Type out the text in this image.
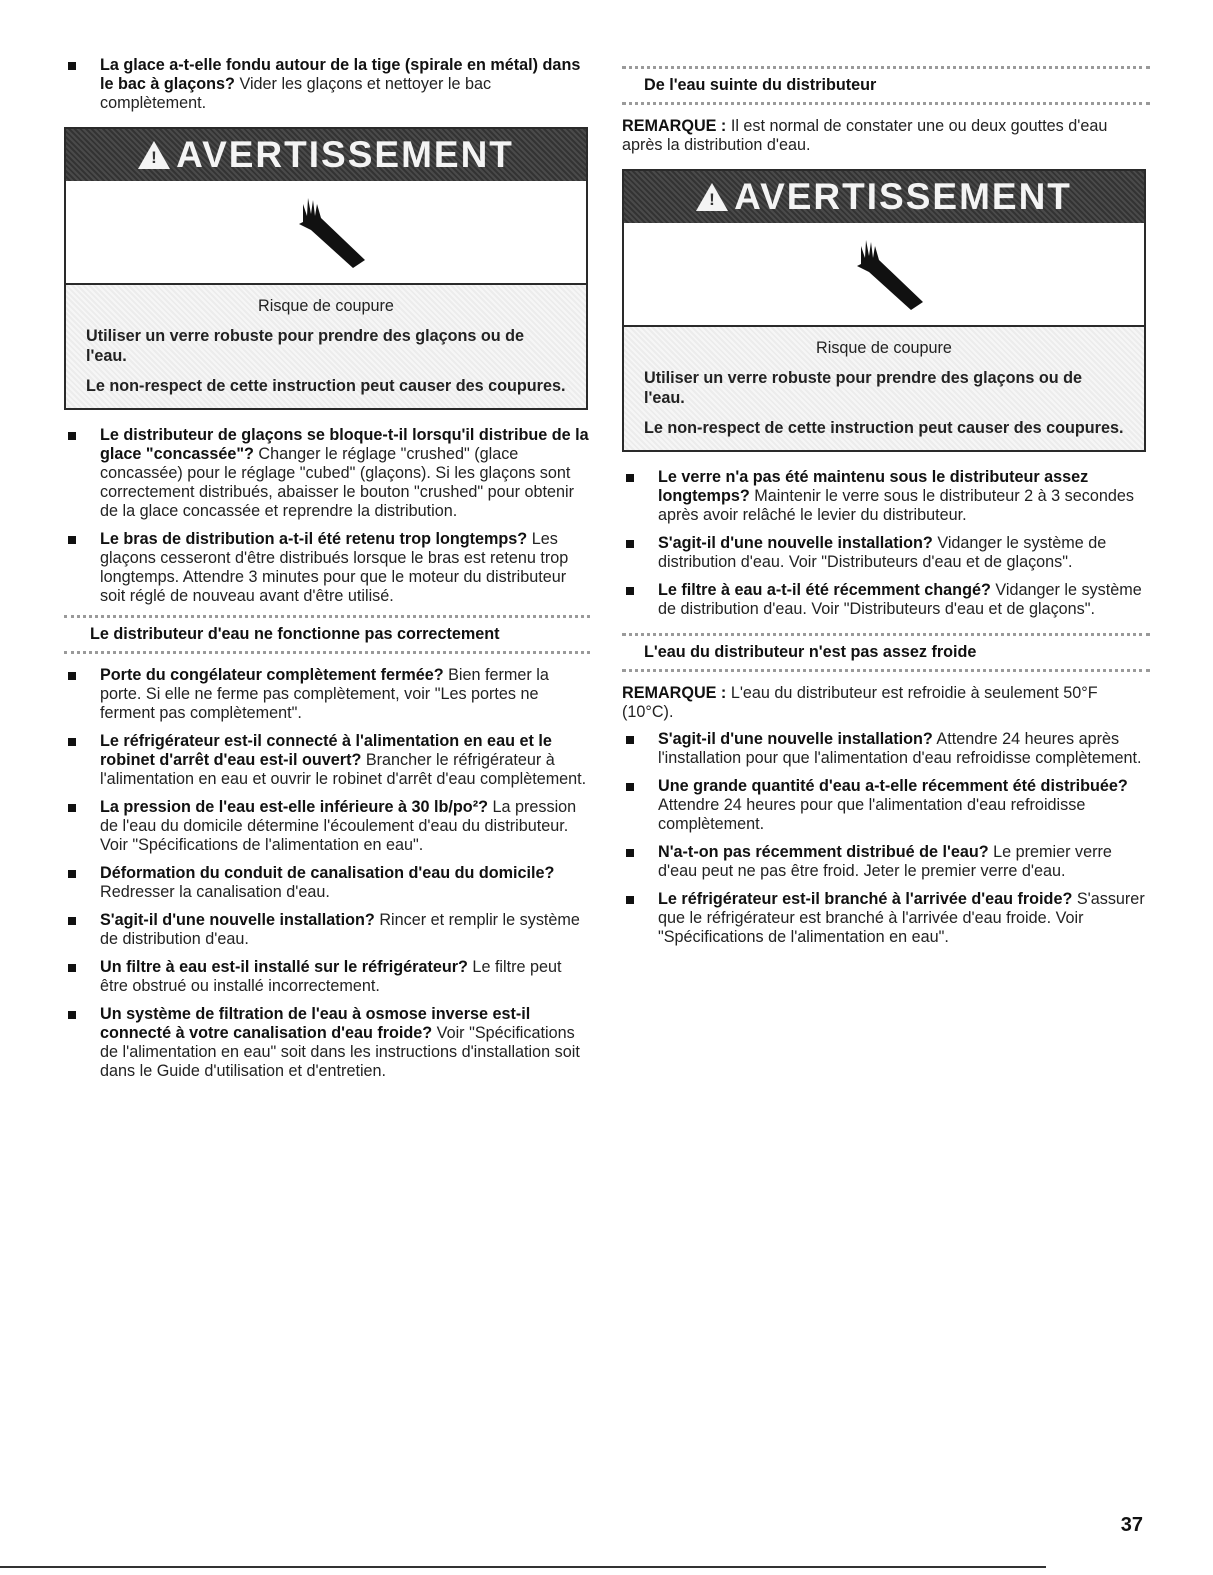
La glace a-t-elle fondu autour de la tige (spirale en métal) dans le bac à glaçons? Vider les glaçons et nettoyer le bac complètement.
! AVERTISSEMENT
Risque de coupure
Utiliser un verre robuste pour prendre des glaçons ou de l'eau.
Le non-respect de cette instruction peut causer des coupures.
Le distributeur de glaçons se bloque-t-il lorsqu'il distribue de la glace "concassée"? Changer le réglage "crushed" (glace concassée) pour le réglage "cubed" (glaçons). Si les glaçons sont correctement distribués, abaisser le bouton "crushed" pour obtenir de la glace concassée et reprendre la distribution.
Le bras de distribution a-t-il été retenu trop longtemps? Les glaçons cesseront d'être distribués lorsque le bras est retenu trop longtemps. Attendre 3 minutes pour que le moteur du distributeur soit réglé de nouveau avant d'être utilisé.
Le distributeur d'eau ne fonctionne pas correctement
Porte du congélateur complètement fermée? Bien fermer la porte. Si elle ne ferme pas complètement, voir "Les portes ne ferment pas complètement".
Le réfrigérateur est-il connecté à l'alimentation en eau et le robinet d'arrêt d'eau est-il ouvert? Brancher le réfrigérateur à l'alimentation en eau et ouvrir le robinet d'arrêt d'eau complètement.
La pression de l'eau est-elle inférieure à 30 lb/po²? La pression de l'eau du domicile détermine l'écoulement d'eau du distributeur. Voir "Spécifications de l'alimentation en eau".
Déformation du conduit de canalisation d'eau du domicile? Redresser la canalisation d'eau.
S'agit-il d'une nouvelle installation? Rincer et remplir le système de distribution d'eau.
Un filtre à eau est-il installé sur le réfrigérateur? Le filtre peut être obstrué ou installé incorrectement.
Un système de filtration de l'eau à osmose inverse est-il connecté à votre canalisation d'eau froide? Voir "Spécifications de l'alimentation en eau" soit dans les instructions d'installation soit dans le Guide d'utilisation et d'entretien.
De l'eau suinte du distributeur

REMARQUE : Il est normal de constater une ou deux gouttes d'eau après la distribution d'eau.

! AVERTISSEMENT
Risque de coupure
Utiliser un verre robuste pour prendre des glaçons ou de l'eau.
Le non-respect de cette instruction peut causer des coupures.
Le verre n'a pas été maintenu sous le distributeur assez longtemps? Maintenir le verre sous le distributeur 2 à 3 secondes après avoir relâché le levier du distributeur.
S'agit-il d'une nouvelle installation? Vidanger le système de distribution d'eau. Voir "Distributeurs d'eau et de glaçons".
Le filtre à eau a-t-il été récemment changé? Vidanger le système de distribution d'eau. Voir "Distributeurs d'eau et de glaçons".
L'eau du distributeur n'est pas assez froide

REMARQUE : L'eau du distributeur est refroidie à seulement 50°F (10°C).

S'agit-il d'une nouvelle installation? Attendre 24 heures après l'installation pour que l'alimentation d'eau refroidisse complètement.
Une grande quantité d'eau a-t-elle récemment été distribuée? Attendre 24 heures pour que l'alimentation d'eau refroidisse complètement.
N'a-t-on pas récemment distribué de l'eau? Le premier verre d'eau peut ne pas être froid. Jeter le premier verre d'eau.
Le réfrigérateur est-il branché à l'arrivée d'eau froide? S'assurer que le réfrigérateur est branché à l'arrivée d'eau froide. Voir "Spécifications de l'alimentation en eau".
37
